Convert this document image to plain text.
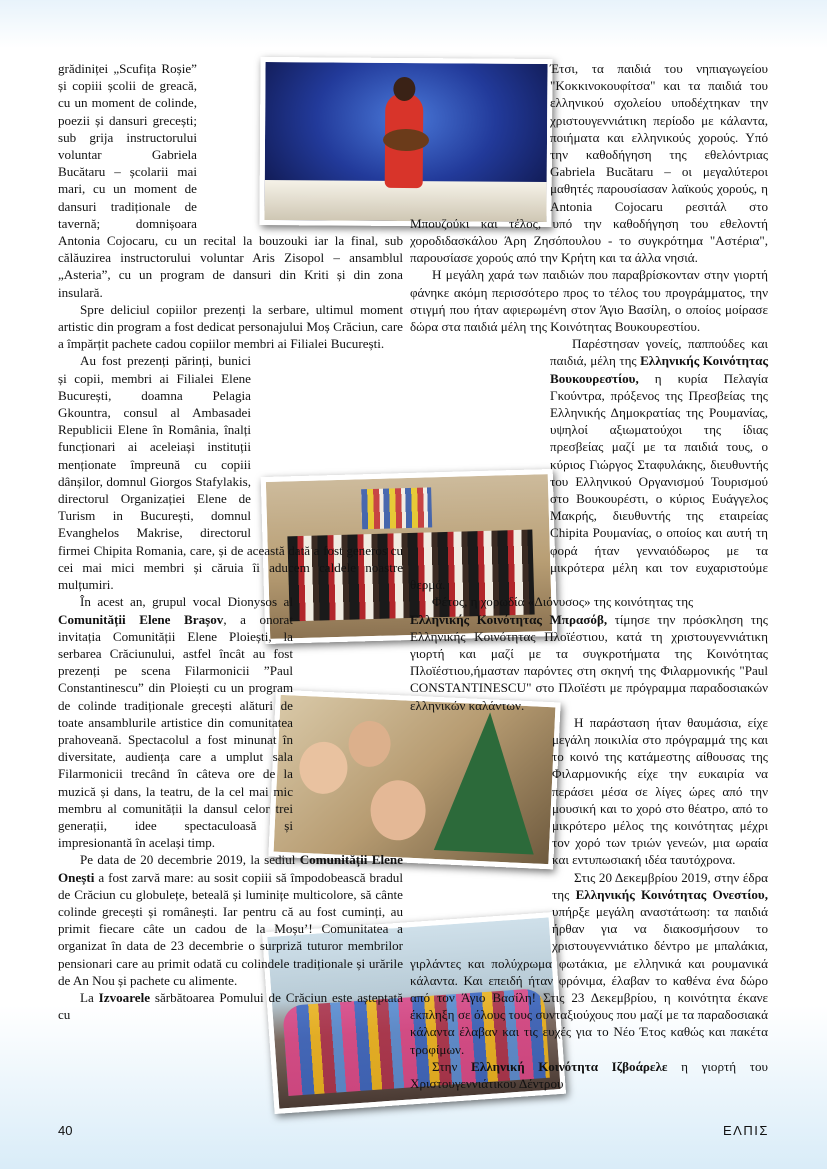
grădiniței „Scufița Roșie” și copiii școlii de greacă, cu un moment de colinde, poezii și dansuri grecești; sub grija instructorului voluntar Gabriela Bucătaru – școlarii mai mari, cu un moment de dansuri tradiționale de tavernă; domnișoara Antonia Cojocaru, cu un recital la bouzouki iar la final, sub călăuzirea instructorului voluntar Aris Zisopol – ansamblul „Asteria”, cu un program de dansuri din Kriti și din zona insulară.

Spre deliciul copiilor prezenți la serbare, ultimul moment artistic din program a fost dedicat personajului Moș Crăciun, care a împărțit pachete cadou copiilor membri ai Filialei București.

Au fost prezenți părinți, bunici și copii, membri ai Filialei Elene București, doamna Pelagia Gkountra, consul al Ambasadei Republicii Elene în România, înalți funcționari ai aceleiași instituții menționate împreună cu copiii dânșilor, domnul Giorgos Stafylakis, directorul Organizației Elene de Turism in București, domnul Evanghelos Makrise, directorul firmei Chipita Romania, care, și de această dată a fost generos cu cei mai mici membri și căruia îi aducem caldele noastre mulțumiri.

În acest an, grupul vocal Dionysos al Comunității Elene Brașov, a onorat invitația Comunității Elene Ploiești, la serbarea Crăciunului, astfel încât au fost prezenți pe scena Filarmonicii ”Paul Constantinescu” din Ploiești cu un program de colinde tradiționale grecești alături de toate ansamblurile artistice din comunitatea prahoveană. Spectacolul a fost minunat în diversitate, audiența care a umplut sala Filarmonicii trecând în câteva ore de la muzică și dans, la teatru, de la cel mai mic membru al comunității la dansul celor trei generații, idee spectaculoasă și impresionantă în același timp.

Pe data de 20 decembrie 2019, la sediul Comunității Elene Onești a fost zarvă mare: au sosit copiii să împodobească bradul de Crăciun cu globulețe, beteală și luminițe multicolore, să cânte colinde grecești și românești. Iar pentru că au fost cuminți, au primit fiecare câte un cadou de la Moșu’! Comunitatea a organizat în data de 23 decembrie o surpriză tuturor membrilor pensionari care au primit odată cu colindele tradiționale și urările de An Nou și pachete cu alimente.

La Izvoarele sărbătoarea Pomului de Crăciun este așteptată cu

Έτσι, τα παιδιά του νηπιαγωγείου "Κοκκινοκουφίτσα" και τα παιδιά του ελληνικού σχολείου υποδέχτηκαν την χριστουγεννιάτικη περίοδο με κάλαντα, ποιήματα και ελληνικούς χορούς. Υπό την καθοδήγηση της εθελόντριας Gabriela Bucătaru – οι μεγαλύτεροι μαθητές παρουσίασαν λαϊκούς χορούς, η Antonia Cojocaru ρεσιτάλ στο Μπουζούκι και τέλος, υπό την καθοδήγηση του εθελοντή χοροδιδασκάλου Άρη Ζησόπουλου - το συγκρότημα "Αστέρια", παρουσίασε χορούς από την Κρήτη και τα άλλα νησιά.

Η μεγάλη χαρά των παιδιών που παραβρίσκονταν στην γιορτή φάνηκε ακόμη περισσότερο προς το τέλος του προγράμματος, την στιγμή που ήταν αφιερωμένη στον Άγιο Βασίλη, ο οποίος μοίρασε δώρα στα παιδιά μέλη της Κοινότητας Βουκουρεστίου.

Παρέστησαν γονείς, παππούδες και παιδιά, μέλη της Ελληνικής Κοινότητας Βουκουρεστίου, η κυρία Πελαγία Γκούντρα, πρόξενος της Πρεσβείας της Ελληνικής Δημοκρατίας της Ρουμανίας, υψηλοί αξιωματούχοι της ίδιας πρεσβείας μαζί με τα παιδιά τους, ο κύριος Γιώργος Σταφυλάκης, διευθυντής του Ελληνικού Οργανισμού Τουρισμού στο Βουκουρέστι, ο κύριος Ευάγγελος Μακρής, διευθυντής της εταιρείας Chipita Ρουμανίας, ο οποίος και αυτή τη φορά ήταν γενναιόδωρος με τα μικρότερα μέλη και τον ευχαριστούμε θερμά.

Φέτος, η χορωδία «Διόνυσος» της κοινότητας της

Ελληνικής Κοινότητας Μπρασόβ, τίμησε την πρόσκληση της Ελληνικής Κοινότητας Πλοϊέστιου, κατά τη χριστουγεννιάτικη γιορτή και μαζί με τα συγκροτήματα της Κοινότητας Πλοϊέστιου,ήμασταν παρόντες στη σκηνή της Φιλαρμονικής "Paul CONSTANTINESCU" στο Πλοϊέστι με πρόγραμμα παραδοσιακών ελληνικών καλάντων.

Η παράσταση ήταν θαυμάσια, είχε μεγάλη ποικιλία στο πρόγραμμά της και το κοινό της κατάμεστης αίθουσας της Φιλαρμονικής είχε την ευκαιρία να περάσει μέσα σε λίγες ώρες από την μουσική και το χορό στο θέατρο, από το μικρότερο μέλος της κοινότητας μέχρι τον χορό των τριών γενεών, μια ωραία και εντυπωσιακή ιδέα ταυτόχρονα.

Στις 20 Δεκεμβρίου 2019, στην έδρα της Ελληνικής Κοινότητας Ονεστίου, υπήρξε μεγάλη αναστάτωση: τα παιδιά ήρθαν για να διακοσμήσουν το χριστουγεννιάτικο δέντρο με μπαλάκια, γιρλάντες και πολύχρωμα φωτάκια, με ελληνικά και ρουμανικά κάλαντα. Και επειδή ήταν φρόνιμα, έλαβαν το καθένα ένα δώρο από τον Άγιο Βασίλη! Στις 23 Δεκεμβρίου, η κοινότητα έκανε έκπληξη σε όλους τους συνταξιούχους που μαζί με τα παραδοσιακά κάλαντα έλαβαν και τις ευχές για το Νέο Έτος καθώς και πακέτα τροφίμων.

Στην Ελληνική Κοινότητα Ιζβοάρελε η γιορτή του Χριστουγεννιάτικου Δέντρου

40	ΕΛΠΙΣ
